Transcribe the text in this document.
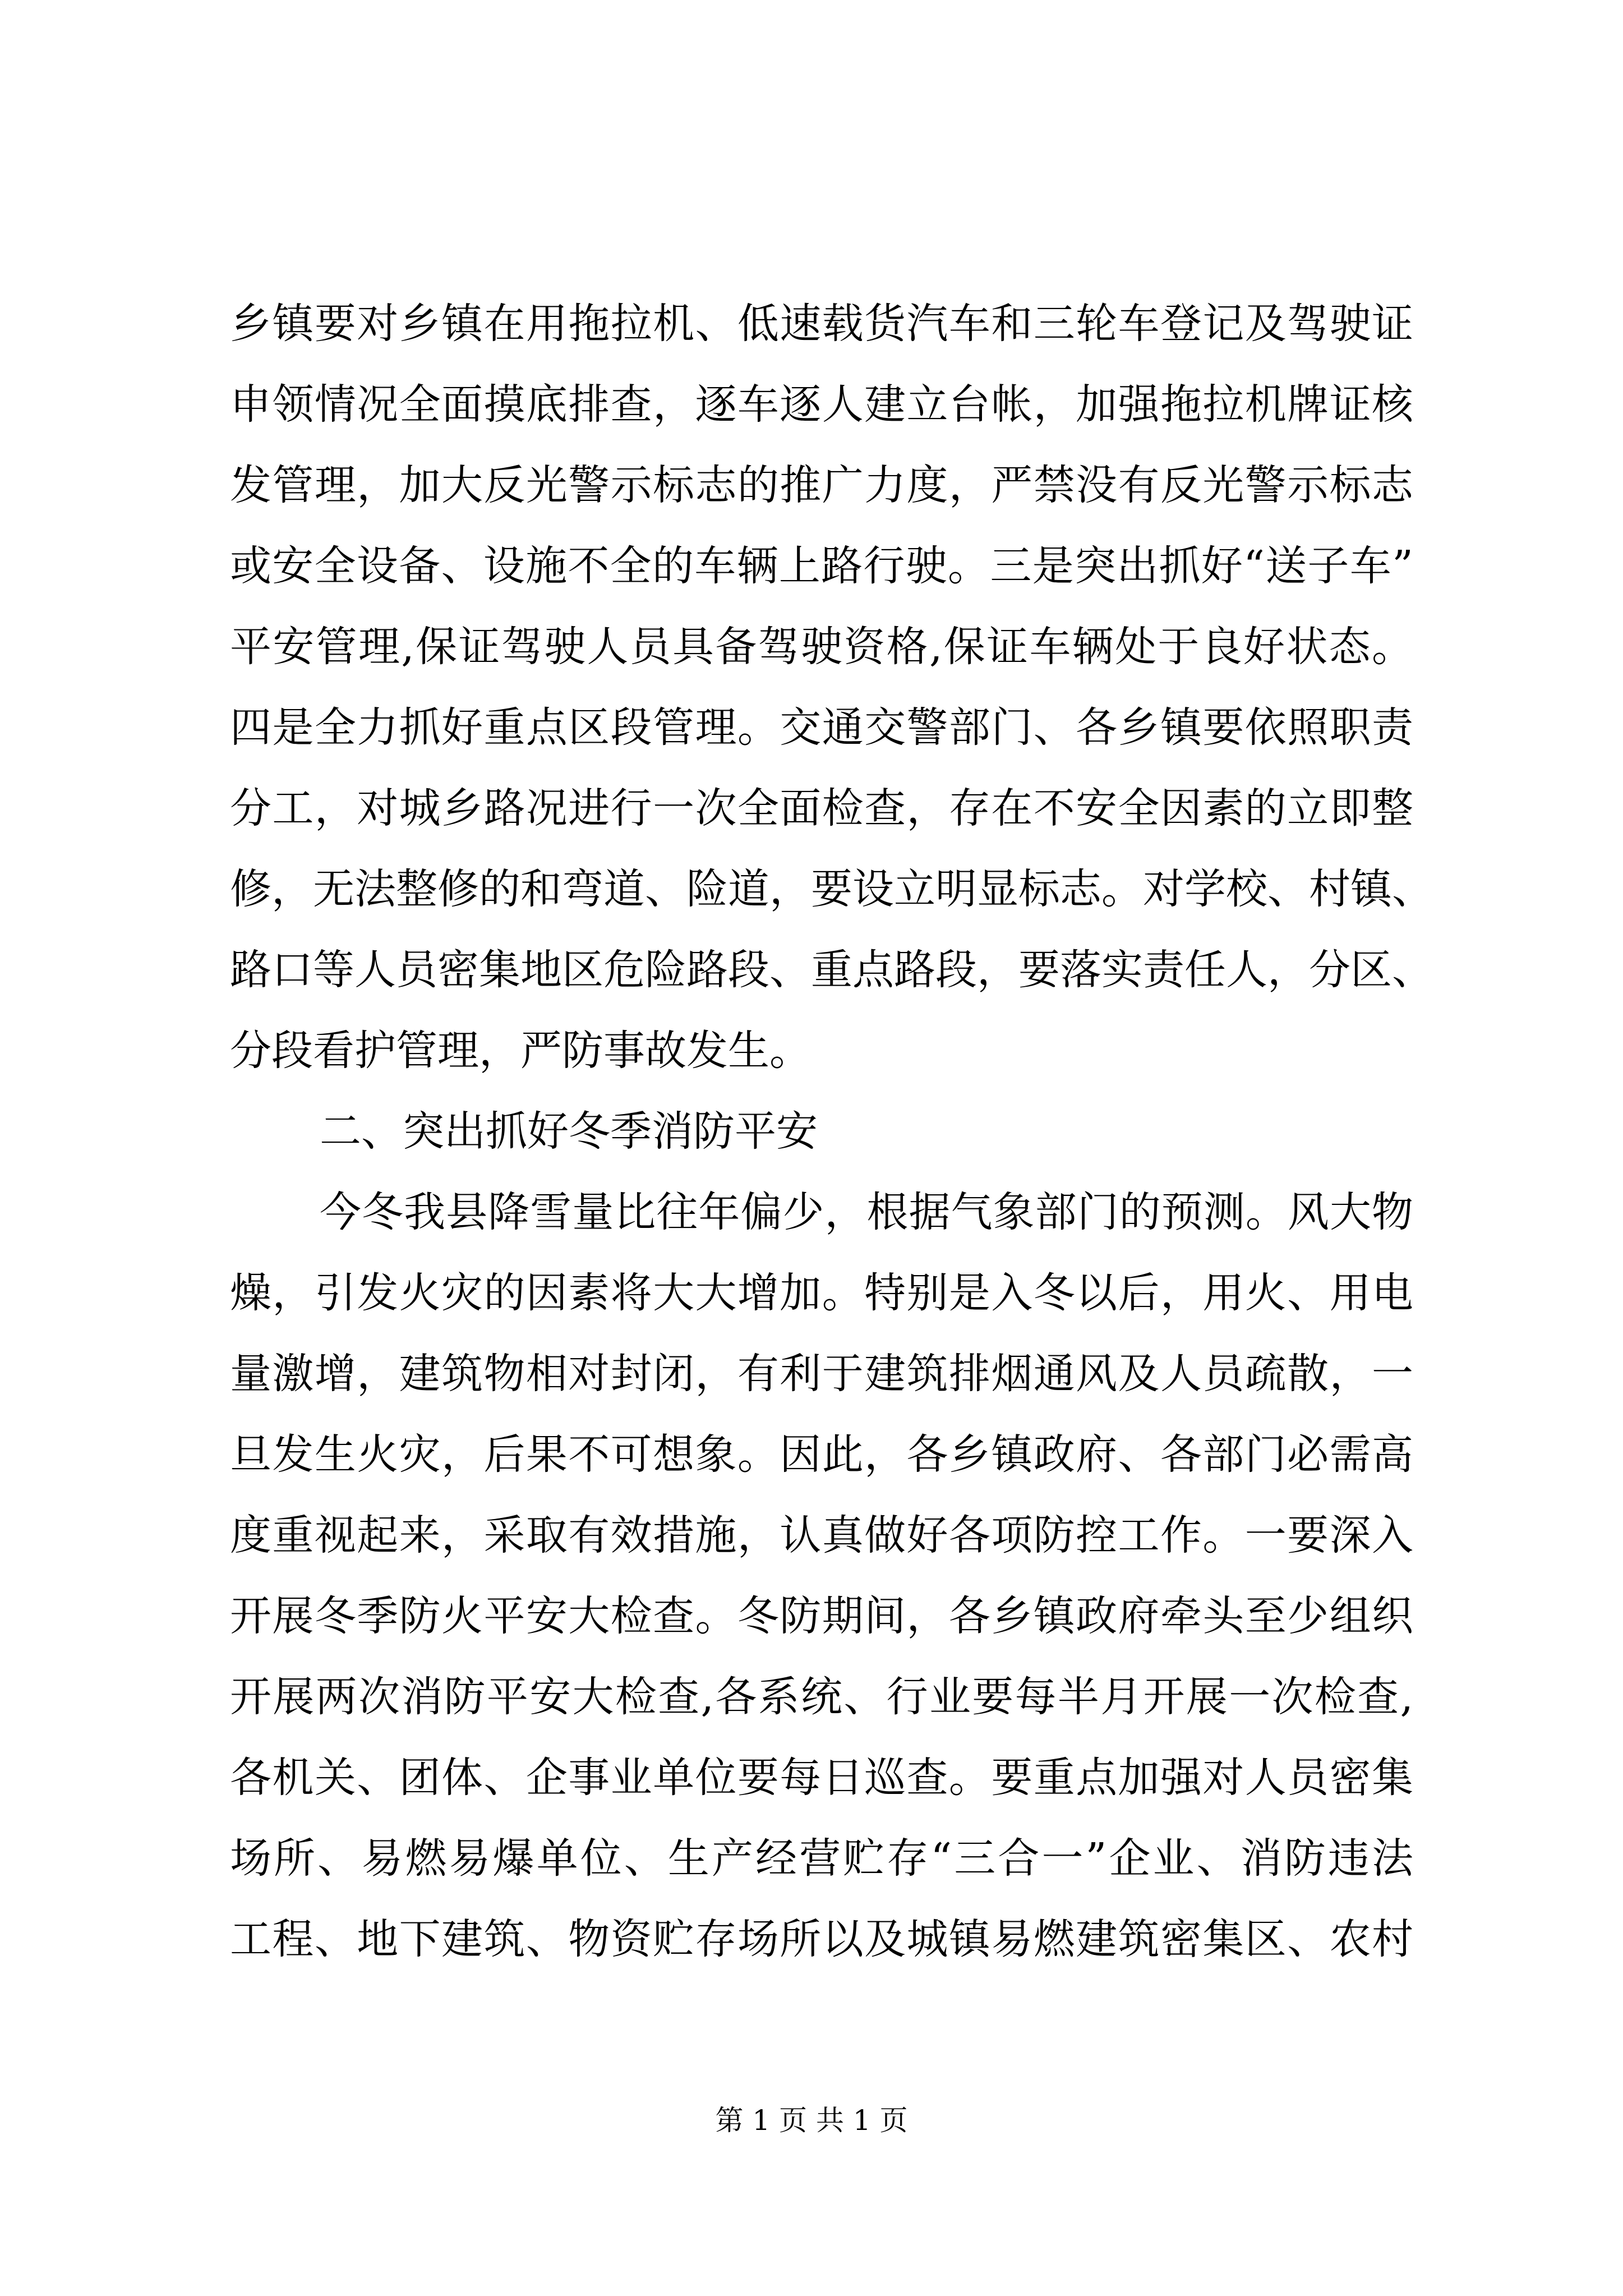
乡镇要对乡镇在用拖拉机、低速载货汽车和三轮车登记及驾驶证
申领情况全面摸底排查，逐车逐人建立台帐，加强拖拉机牌证核
发管理，加大反光警示标志的推广力度，严禁没有反光警示标志
或安全设备、设施不全的车辆上路行驶。三是突出抓好“送子车”
平安管理,保证驾驶人员具备驾驶资格,保证车辆处于良好状态。
四是全力抓好重点区段管理。交通交警部门、各乡镇要依照职责
分工，对城乡路况进行一次全面检查，存在不安全因素的立即整
修，无法整修的和弯道、险道，要设立明显标志。对学校、村镇、
路口等人员密集地区危险路段、重点路段，要落实责任人，分区、
分段看护管理，严防事故发生。
二、突出抓好冬季消防平安
今冬我县降雪量比往年偏少，根据气象部门的预测。风大物
燥，引发火灾的因素将大大增加。特别是入冬以后，用火、用电
量激增，建筑物相对封闭，有利于建筑排烟通风及人员疏散，一
旦发生火灾，后果不可想象。因此，各乡镇政府、各部门必需高
度重视起来，采取有效措施，认真做好各项防控工作。一要深入
开展冬季防火平安大检查。冬防期间，各乡镇政府牵头至少组织
开展两次消防平安大检查,各系统、行业要每半月开展一次检查,
各机关、团体、企事业单位要每日巡查。要重点加强对人员密集
场所、易燃易爆单位、生产经营贮存“三合一”企业、消防违法
工程、地下建筑、物资贮存场所以及城镇易燃建筑密集区、农村
第 1 页 共 1 页
